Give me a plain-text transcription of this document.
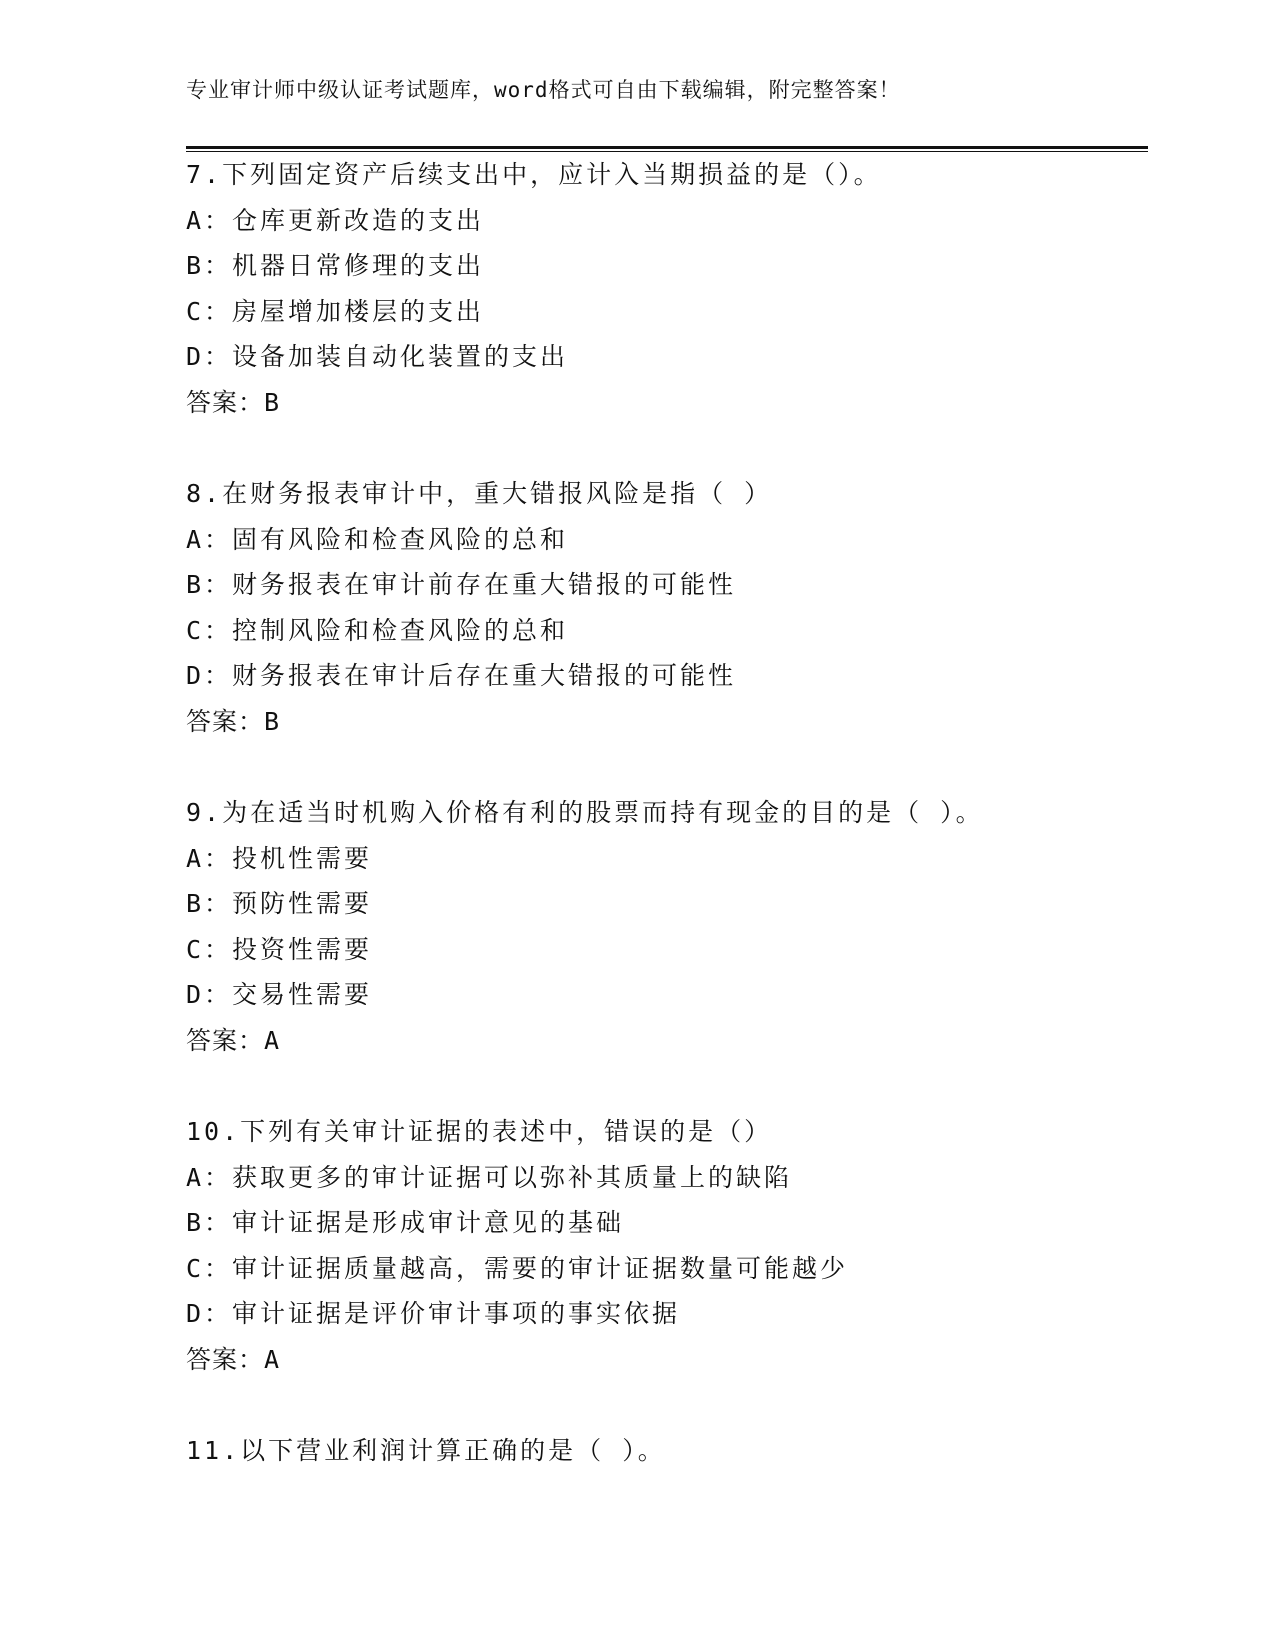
专业审计师中级认证考试题库，word格式可自由下载编辑，附完整答案！
7.下列固定资产后续支出中，应计入当期损益的是（）。
A：仓库更新改造的支出
B：机器日常修理的支出
C：房屋增加楼层的支出
D：设备加装自动化装置的支出
答案：B
8.在财务报表审计中，重大错报风险是指（ ）
A：固有风险和检查风险的总和
B：财务报表在审计前存在重大错报的可能性
C：控制风险和检查风险的总和
D：财务报表在审计后存在重大错报的可能性
答案：B
9.为在适当时机购入价格有利的股票而持有现金的目的是（ ）。
A：投机性需要
B：预防性需要
C：投资性需要
D：交易性需要
答案：A
10.下列有关审计证据的表述中，错误的是（）
A：获取更多的审计证据可以弥补其质量上的缺陷
B：审计证据是形成审计意见的基础
C：审计证据质量越高，需要的审计证据数量可能越少
D：审计证据是评价审计事项的事实依据
答案：A
11.以下营业利润计算正确的是（ ）。
